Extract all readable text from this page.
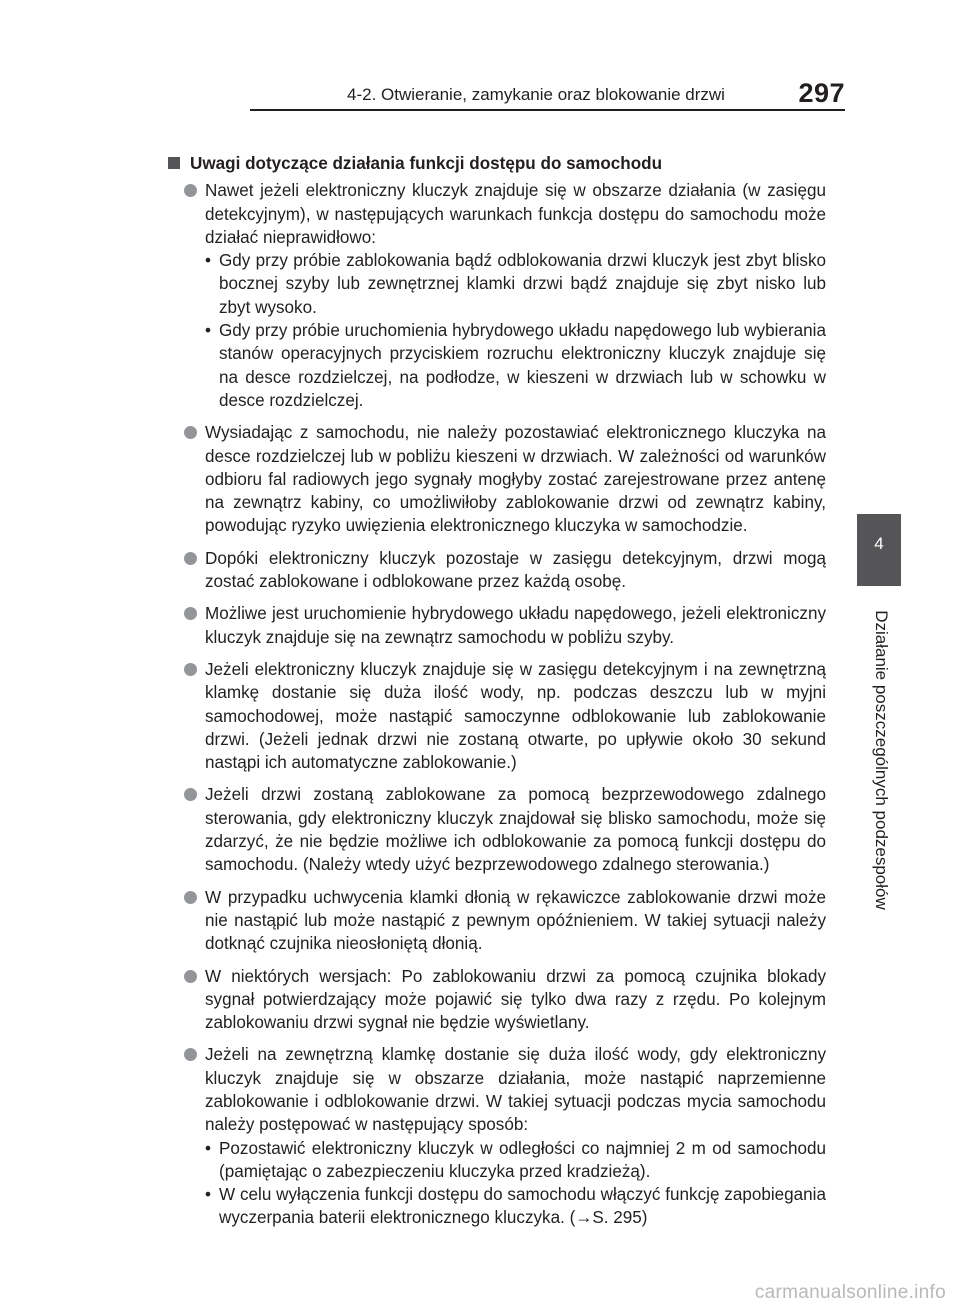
4-2. Otwieranie, zamykanie oraz blokowanie drzwi	297
Uwagi dotyczące działania funkcji dostępu do samochodu
Nawet jeżeli elektroniczny kluczyk znajduje się w obszarze działania (w zasięgu detekcyjnym), w następujących warunkach funkcja dostępu do samochodu może działać nieprawidłowo:
• Gdy przy próbie zablokowania bądź odblokowania drzwi kluczyk jest zbyt blisko bocznej szyby lub zewnętrznej klamki drzwi bądź znajduje się zbyt nisko lub zbyt wysoko.
• Gdy przy próbie uruchomienia hybrydowego układu napędowego lub wybierania stanów operacyjnych przyciskiem rozruchu elektroniczny kluczyk znajduje się na desce rozdzielczej, na podłodze, w kieszeni w drzwiach lub w schowku w desce rozdzielczej.
Wysiadając z samochodu, nie należy pozostawiać elektronicznego kluczyka na desce rozdzielczej lub w pobliżu kieszeni w drzwiach. W zależności od warunków odbioru fal radiowych jego sygnały mogłyby zostać zarejestrowane przez antenę na zewnątrz kabiny, co umożliwiłoby zablokowanie drzwi od zewnątrz kabiny, powodując ryzyko uwięzienia elektronicznego kluczyka w samochodzie.
Dopóki elektroniczny kluczyk pozostaje w zasięgu detekcyjnym, drzwi mogą zostać zablokowane i odblokowane przez każdą osobę.
Możliwe jest uruchomienie hybrydowego układu napędowego, jeżeli elektroniczny kluczyk znajduje się na zewnątrz samochodu w pobliżu szyby.
Jeżeli elektroniczny kluczyk znajduje się w zasięgu detekcyjnym i na zewnętrzną klamkę dostanie się duża ilość wody, np. podczas deszczu lub w myjni samochodowej, może nastąpić samoczynne odblokowanie lub zablokowanie drzwi. (Jeżeli jednak drzwi nie zostaną otwarte, po upływie około 30 sekund nastąpi ich automatyczne zablokowanie.)
Jeżeli drzwi zostaną zablokowane za pomocą bezprzewodowego zdalnego sterowania, gdy elektroniczny kluczyk znajdował się blisko samochodu, może się zdarzyć, że nie będzie możliwe ich odblokowanie za pomocą funkcji dostępu do samochodu. (Należy wtedy użyć bezprzewodowego zdalnego sterowania.)
W przypadku uchwycenia klamki dłonią w rękawiczce zablokowanie drzwi może nie nastąpić lub może nastąpić z pewnym opóźnieniem. W takiej sytuacji należy dotknąć czujnika nieosłoniętą dłonią.
W niektórych wersjach: Po zablokowaniu drzwi za pomocą czujnika blokady sygnał potwierdzający może pojawić się tylko dwa razy z rzędu. Po kolejnym zablokowaniu drzwi sygnał nie będzie wyświetlany.
Jeżeli na zewnętrzną klamkę dostanie się duża ilość wody, gdy elektroniczny kluczyk znajduje się w obszarze działania, może nastąpić naprzemienne zablokowanie i odblokowanie drzwi. W takiej sytuacji podczas mycia samochodu należy postępować w następujący sposób:
• Pozostawić elektroniczny kluczyk w odległości co najmniej 2 m od samochodu (pamiętając o zabezpieczeniu kluczyka przed kradzieżą).
• W celu wyłączenia funkcji dostępu do samochodu włączyć funkcję zapobiegania wyczerpania baterii elektronicznego kluczyka. (→S. 295)
4
Działanie poszczególnych podzespołów
carmanualsonline.info
